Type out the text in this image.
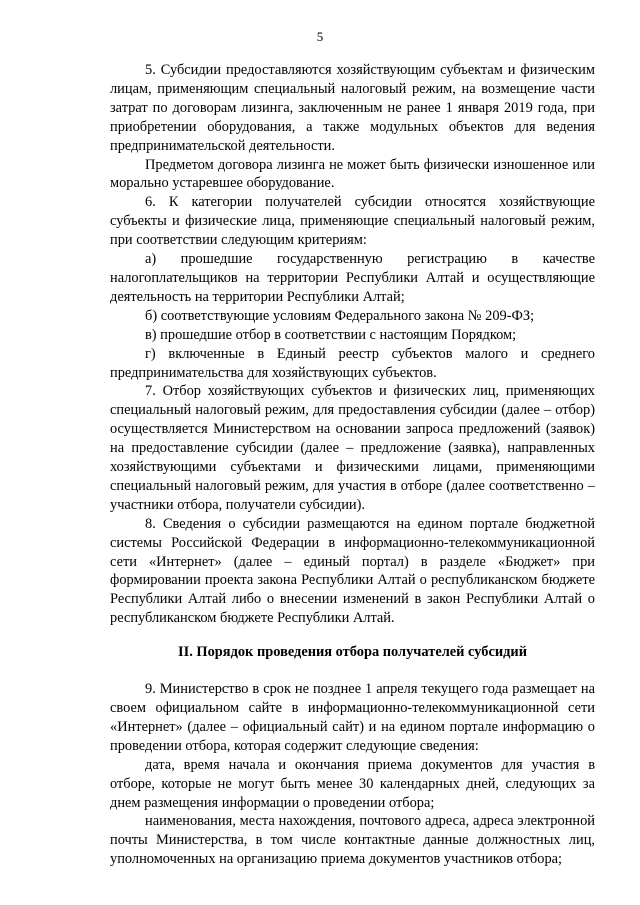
5

5. Субсидии предоставляются хозяйствующим субъектам и физическим лицам, применяющим специальный налоговый режим, на возмещение части затрат по договорам лизинга, заключенным не ранее 1 января 2019 года, при приобретении оборудования, а также модульных объектов для ведения предпринимательской деятельности.

Предметом договора лизинга не может быть физически изношенное или морально устаревшее оборудование.

6. К категории получателей субсидии относятся хозяйствующие субъекты и физические лица, применяющие специальный налоговый режим, при соответствии следующим критериям:

а) прошедшие государственную регистрацию в качестве налогоплательщиков на территории Республики Алтай и осуществляющие деятельность на территории Республики Алтай;

б) соответствующие условиям Федерального закона № 209-ФЗ;

в) прошедшие отбор в соответствии с настоящим Порядком;

г) включенные в Единый реестр субъектов малого и среднего предпринимательства для хозяйствующих субъектов.

7. Отбор хозяйствующих субъектов и физических лиц, применяющих специальный налоговый режим, для предоставления субсидии (далее – отбор) осуществляется Министерством на основании запроса предложений (заявок) на предоставление субсидии (далее – предложение (заявка), направленных хозяйствующими субъектами и физическими лицами, применяющими специальный налоговый режим, для участия в отборе (далее соответственно – участники отбора, получатели субсидии).

8. Сведения о субсидии размещаются на едином портале бюджетной системы Российской Федерации в информационно-телекоммуникационной сети «Интернет» (далее – единый портал) в разделе «Бюджет» при формировании проекта закона Республики Алтай о республиканском бюджете Республики Алтай либо о внесении изменений в закон Республики Алтай о республиканском бюджете Республики Алтай.

II. Порядок проведения отбора получателей субсидий

9. Министерство в срок не позднее 1 апреля текущего года размещает на своем официальном сайте в информационно-телекоммуникационной сети «Интернет» (далее – официальный сайт) и на едином портале информацию о проведении отбора, которая содержит следующие сведения:

дата, время начала и окончания приема документов для участия в отборе, которые не могут быть менее 30 календарных дней, следующих за днем размещения информации о проведении отбора;

наименования, места нахождения, почтового адреса, адреса электронной почты Министерства, в том числе контактные данные должностных лиц, уполномоченных на организацию приема документов участников отбора;
